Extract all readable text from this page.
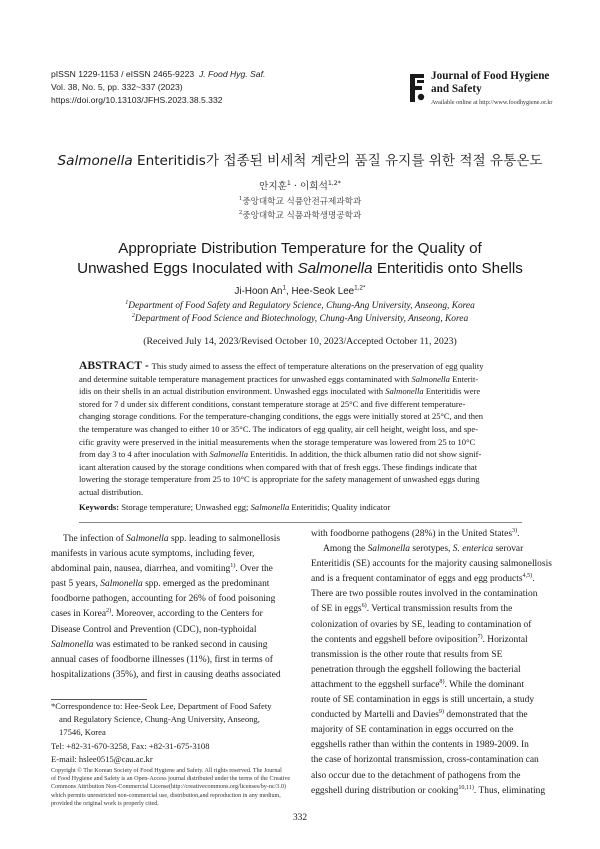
pISSN 1229-1153 / eISSN 2465-9223 J. Food Hyg. Saf.
Vol. 38, No. 5, pp. 332~337 (2023)
https://doi.org/10.13103/JFHS.2023.38.5.332
Journal of Food Hygiene
and Safety
Available online at http://www.foodhygiene.or.kr
Salmonella Enteritidis가 접종된 비세척 계란의 품질 유지를 위한 적절 유통온도
안지훈$^1$ · 이희석$^{1,2*}$
$^1$중앙대학교 식품안전규제과학과
$^2$중앙대학교 식품과학생명공학과
Appropriate Distribution Temperature for the Quality of
Unwashed Eggs Inoculated with Salmonella Enteritidis onto Shells
Ji-Hoon An$^1$, Hee-Seok Lee$^{1,2*}$
$^1$Department of Food Safety and Regulatory Science, Chung-Ang University, Anseong, Korea
$^2$Department of Food Science and Biotechnology, Chung-Ang University, Anseong, Korea
(Received July 14, 2023/Revised October 10, 2023/Accepted October 11, 2023)
ABSTRACT - This study aimed to assess the effect of temperature alterations on the preservation of egg quality
and determine suitable temperature management practices for unwashed eggs contaminated with Salmonella Enterit-
idis on their shells in an actual distribution environment. Unwashed eggs inoculated with Salmonella Enteritidis were
stored for 7 d under six different conditions, constant temperature storage at 25°C and five different temperature-
changing storage conditions. For the temperature-changing conditions, the eggs were initially stored at 25°C, and then
the temperature was changed to either 10 or 35°C. The indicators of egg quality, air cell height, weight loss, and spe-
cific gravity were preserved in the initial measurements when the storage temperature was lowered from 25 to 10°C
from day 3 to 4 after inoculation with Salmonella Enteritidis. In addition, the thick albumen ratio did not show signif-
icant alteration caused by the storage conditions when compared with that of fresh eggs. These findings indicate that
lowering the storage temperature from 25 to 10°C is appropriate for the safety management of unwashed eggs during
actual distribution.
Keywords: Storage temperature; Unwashed egg; Salmonella Enteritidis; Quality indicator
The infection of Salmonella spp. leading to salmonellosis
manifests in various acute symptoms, including fever,
abdominal pain, nausea, diarrhea, and vomiting$^{1)}$. Over the
past 5 years, Salmonella spp. emerged as the predominant
foodborne pathogen, accounting for 26% of food poisoning
cases in Korea$^{2)}$. Moreover, according to the Centers for
Disease Control and Prevention (CDC), non-typhoidal
Salmonella was estimated to be ranked second in causing
annual cases of foodborne illnesses (11%), first in terms of
hospitalizations (35%), and first in causing deaths associated
*Correspondence to: Hee-Seok Lee, Department of Food Safety
and Regulatory Science, Chung-Ang University, Anseong,
17546, Korea
Tel: +82-31-670-3258, Fax: +82-31-675-3108
E-mail: hslee0515@cau.ac.kr
Copyright © The Korean Society of Food Hygiene and Safety. All rights reserved. The Journal
of Food Hygiene and Safety is an Open-Access journal distributed under the terms of the Creative
Commons Attribution Non-Commercial License(http://creativecommons.org/licenses/by-nc/3.0)
which permits unrestricted non-commercial use, distribution,and reproduction in any medium,
provided the original work is properly cited.
with foodborne pathogens (28%) in the United States$^{3)}$.
Among the Salmonella serotypes, S. enterica serovar
Enteritidis (SE) accounts for the majority causing salmonellosis
and is a frequent contaminator of eggs and egg products$^{4,5)}$.
There are two possible routes involved in the contamination
of SE in eggs$^{6)}$. Vertical transmission results from the
colonization of ovaries by SE, leading to contamination of
the contents and eggshell before oviposition$^{7)}$. Horizontal
transmission is the other route that results from SE
penetration through the eggshell following the bacterial
attachment to the eggshell surface$^{8)}$. While the dominant
route of SE contamination in eggs is still uncertain, a study
conducted by Martelli and Davies$^{9)}$ demonstrated that the
majority of SE contamination in eggs occurred on the
eggshells rather than within the contents in 1989-2009. In
the case of horizontal transmission, cross-contamination can
also occur due to the detachment of pathogens from the
eggshell during distribution or cooking$^{10,11)}$. Thus, eliminating
332
